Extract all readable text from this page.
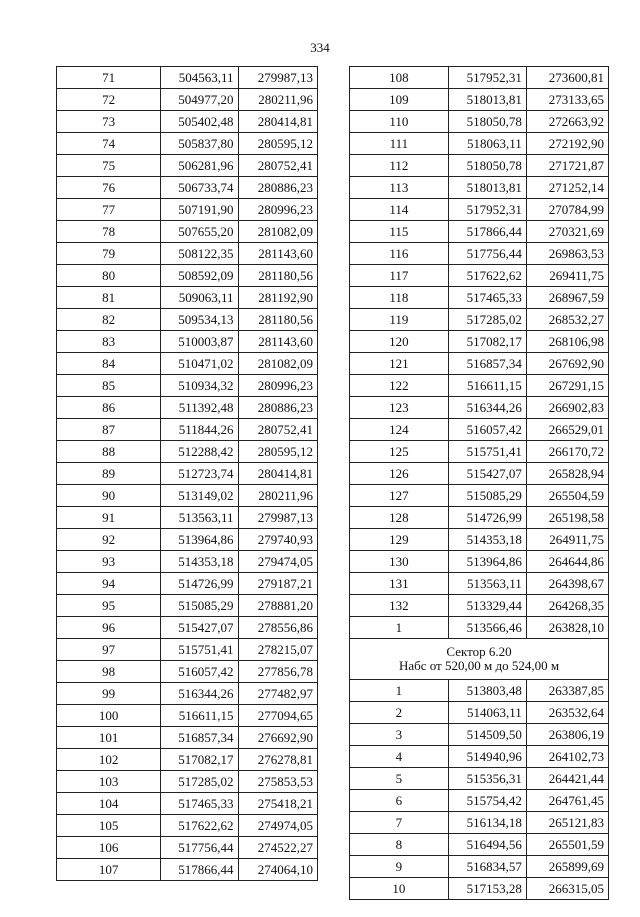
334
71	504563,11	279987,13
72	504977,20	280211,96
73	505402,48	280414,81
74	505837,80	280595,12
75	506281,96	280752,41
76	506733,74	280886,23
77	507191,90	280996,23
78	507655,20	281082,09
79	508122,35	281143,60
80	508592,09	281180,56
81	509063,11	281192,90
82	509534,13	281180,56
83	510003,87	281143,60
84	510471,02	281082,09
85	510934,32	280996,23
86	511392,48	280886,23
87	511844,26	280752,41
88	512288,42	280595,12
89	512723,74	280414,81
90	513149,02	280211,96
91	513563,11	279987,13
92	513964,86	279740,93
93	514353,18	279474,05
94	514726,99	279187,21
95	515085,29	278881,20
96	515427,07	278556,86
97	515751,41	278215,07
98	516057,42	277856,78
99	516344,26	277482,97
100	516611,15	277094,65
101	516857,34	276692,90
102	517082,17	276278,81
103	517285,02	275853,53
104	517465,33	275418,21
105	517622,62	274974,05
106	517756,44	274522,27
107	517866,44	274064,10
108	517952,31	273600,81
109	518013,81	273133,65
110	518050,78	272663,92
111	518063,11	272192,90
112	518050,78	271721,87
113	518013,81	271252,14
114	517952,31	270784,99
115	517866,44	270321,69
116	517756,44	269863,53
117	517622,62	269411,75
118	517465,33	268967,59
119	517285,02	268532,27
120	517082,17	268106,98
121	516857,34	267692,90
122	516611,15	267291,15
123	516344,26	266902,83
124	516057,42	266529,01
125	515751,41	266170,72
126	515427,07	265828,94
127	515085,29	265504,59
128	514726,99	265198,58
129	514353,18	264911,75
130	513964,86	264644,86
131	513563,11	264398,67
132	513329,44	264268,35
1	513566,46	263828,10

Сектор 6.20
Набс от 520,00 м до 524,00 м		

1	513803,48	263387,85
2	514063,11	263532,64
3	514509,50	263806,19
4	514940,96	264102,73
5	515356,31	264421,44
6	515754,42	264761,45
7	516134,18	265121,83
8	516494,56	265501,59
9	516834,57	265899,69
10	517153,28	266315,05
